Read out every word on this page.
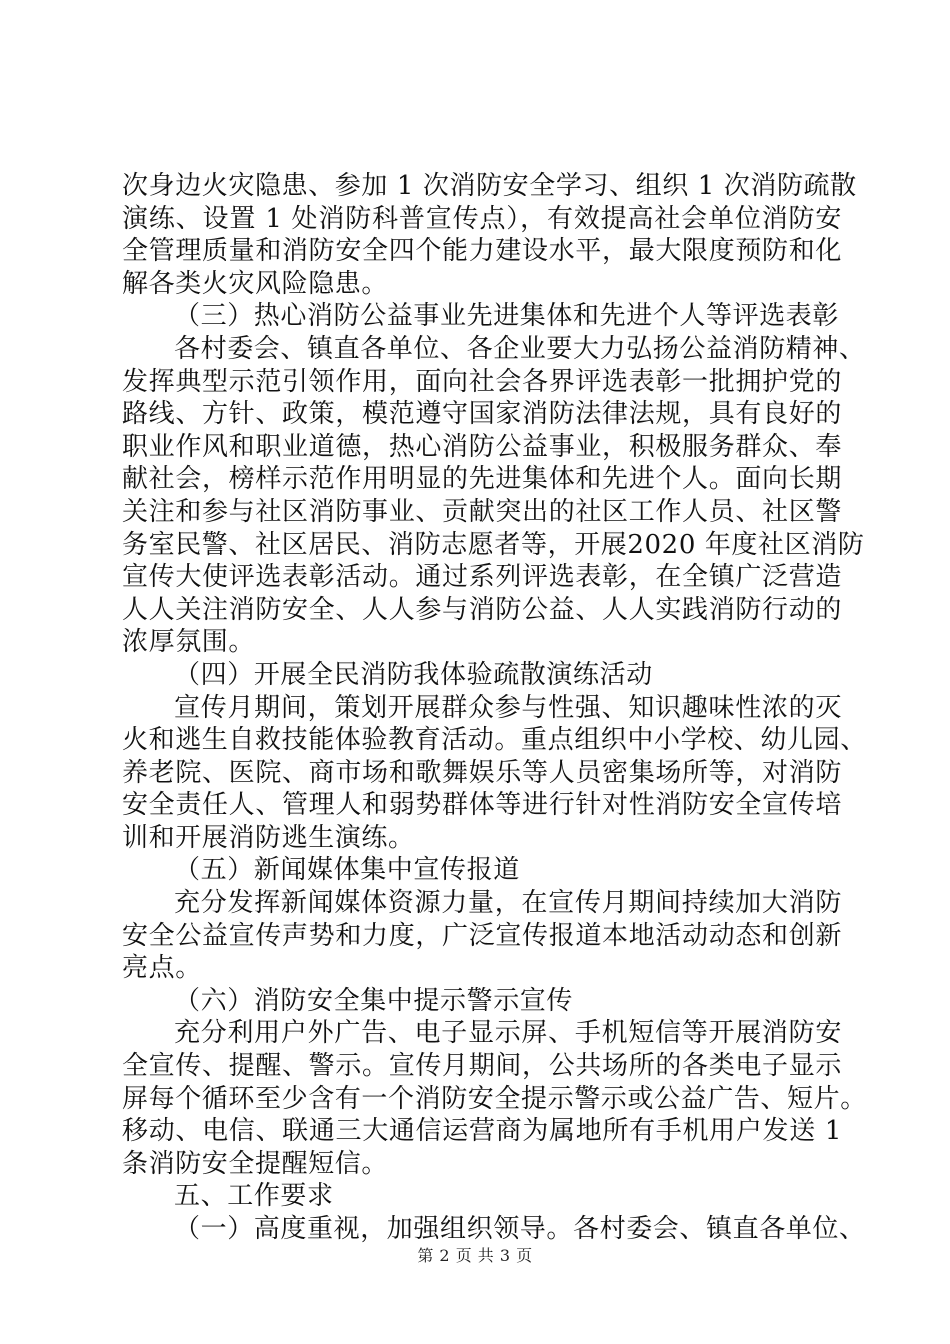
次身边火灾隐患、参加 1 次消防安全学习、组织 1 次消防疏散
演练、设置 1 处消防科普宣传点），有效提高社会单位消防安
全管理质量和消防安全四个能力建设水平，最大限度预防和化
解各类火灾风险隐患。
（三）热心消防公益事业先进集体和先进个人等评选表彰
各村委会、镇直各单位、各企业要大力弘扬公益消防精神、
发挥典型示范引领作用，面向社会各界评选表彰一批拥护党的
路线、方针、政策，模范遵守国家消防法律法规，具有良好的
职业作风和职业道德，热心消防公益事业，积极服务群众、奉
献社会，榜样示范作用明显的先进集体和先进个人。面向长期
关注和参与社区消防事业、贡献突出的社区工作人员、社区警
务室民警、社区居民、消防志愿者等，开展2020 年度社区消防
宣传大使评选表彰活动。通过系列评选表彰，在全镇广泛营造
人人关注消防安全、人人参与消防公益、人人实践消防行动的
浓厚氛围。
（四）开展全民消防我体验疏散演练活动
宣传月期间，策划开展群众参与性强、知识趣味性浓的灭
火和逃生自救技能体验教育活动。重点组织中小学校、幼儿园、
养老院、医院、商市场和歌舞娱乐等人员密集场所等，对消防
安全责任人、管理人和弱势群体等进行针对性消防安全宣传培
训和开展消防逃生演练。
（五）新闻媒体集中宣传报道
充分发挥新闻媒体资源力量，在宣传月期间持续加大消防
安全公益宣传声势和力度，广泛宣传报道本地活动动态和创新
亮点。
（六）消防安全集中提示警示宣传
充分利用户外广告、电子显示屏、手机短信等开展消防安
全宣传、提醒、警示。宣传月期间，公共场所的各类电子显示
屏每个循环至少含有一个消防安全提示警示或公益广告、短片。
移动、电信、联通三大通信运营商为属地所有手机用户发送 1
条消防安全提醒短信。
五、工作要求
（一）高度重视，加强组织领导。各村委会、镇直各单位、
第 2 页 共 3 页
